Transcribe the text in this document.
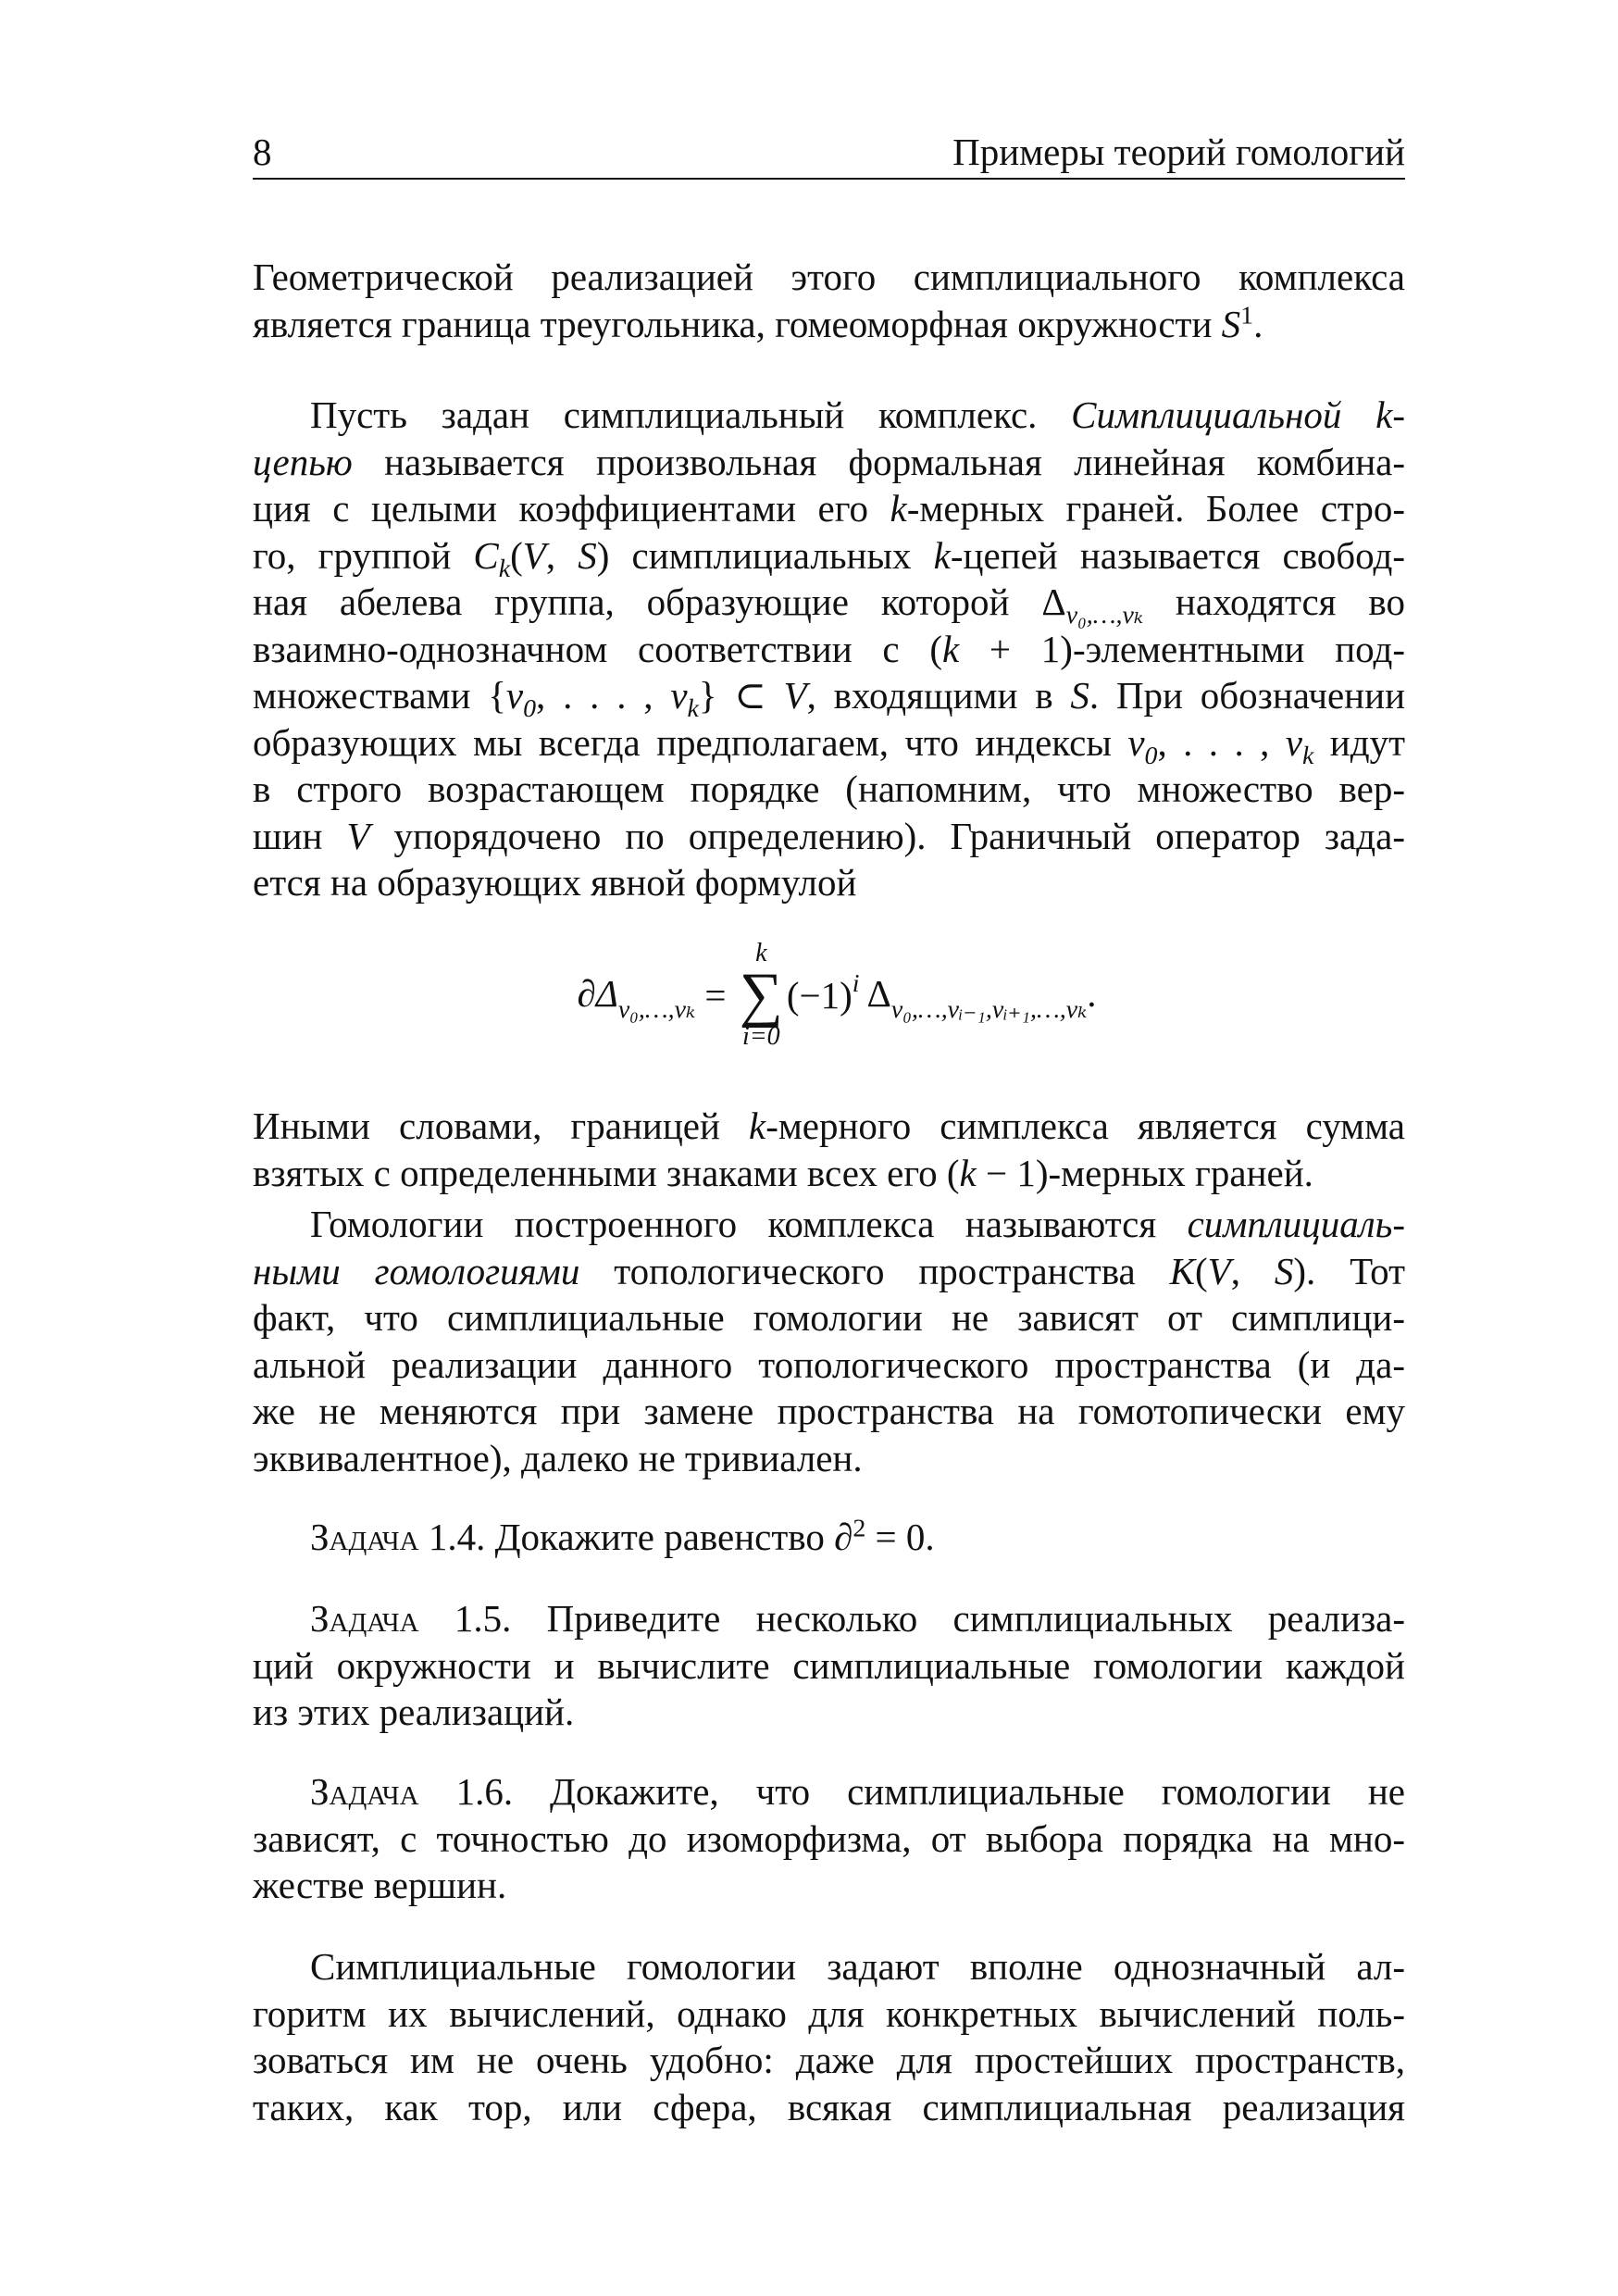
8	Примеры теорий гомологий
Геометрической реализацией этого симплициального комплекса
является граница треугольника, гомеоморфная окружности $S^1$.
Пусть задан симплициальный комплекс. Симплициальной k-
цепью называется произвольная формальная линейная комбина-
ция с целыми коэффициентами его k-мерных граней. Более стро-
го, группой $C_k(V$, S) симплициальных k-цепей называется свобод-
ная абелева группа, образующие которой $\Delta_{v_0,\dots,v_k}$ находятся во
взаимно-однозначном соответствии с (k + 1)-элементными под-
множествами {$v_0$, . . . , $v_k$} ⊂ V, входящими в S. При обозначении
образующих мы всегда предполагаем, что индексы $v_0$, . . . , $v_k$ идут
в строго возрастающем порядке (напомним, что множество вер-
шин V упорядочено по определению). Граничный оператор зада-
ется на образующих явной формулой
Иными словами, границей k-мерного симплекса является сумма
взятых с определенными знаками всех его (k − 1)-мерных граней.
Гомологии построенного комплекса называются симплициаль-
ными гомологиями топологического пространства K(V, S). Тот
факт, что симплициальные гомологии не зависят от симплици-
альной реализации данного топологического пространства (и да-
же не меняются при замене пространства на гомотопически ему
эквивалентное), далеко не тривиален.
Задача 1.4. Докажите равенство ∂$^2$ = 0.
Задача 1.5. Приведите несколько симплициальных реализа-
ций окружности и вычислите симплициальные гомологии каждой
из этих реализаций.
Задача 1.6. Докажите, что симплициальные гомологии не
зависят, с точностью до изоморфизма, от выбора порядка на мно-
жестве вершин.
Симплициальные гомологии задают вполне однозначный ал-
горитм их вычислений, однако для конкретных вычислений поль-
зоваться им не очень удобно: даже для простейших пространств,
таких, как тор, или сфера, всякая симплициальная реализация
$\partial\Delta_{v_0,\dots,v_k}$ =
k
∑
i=0
$(-1)^i$ $\Delta_{v_0,\dots,vᵢ_{-1},vᵢ_{+1},\dots,v_k}$.
